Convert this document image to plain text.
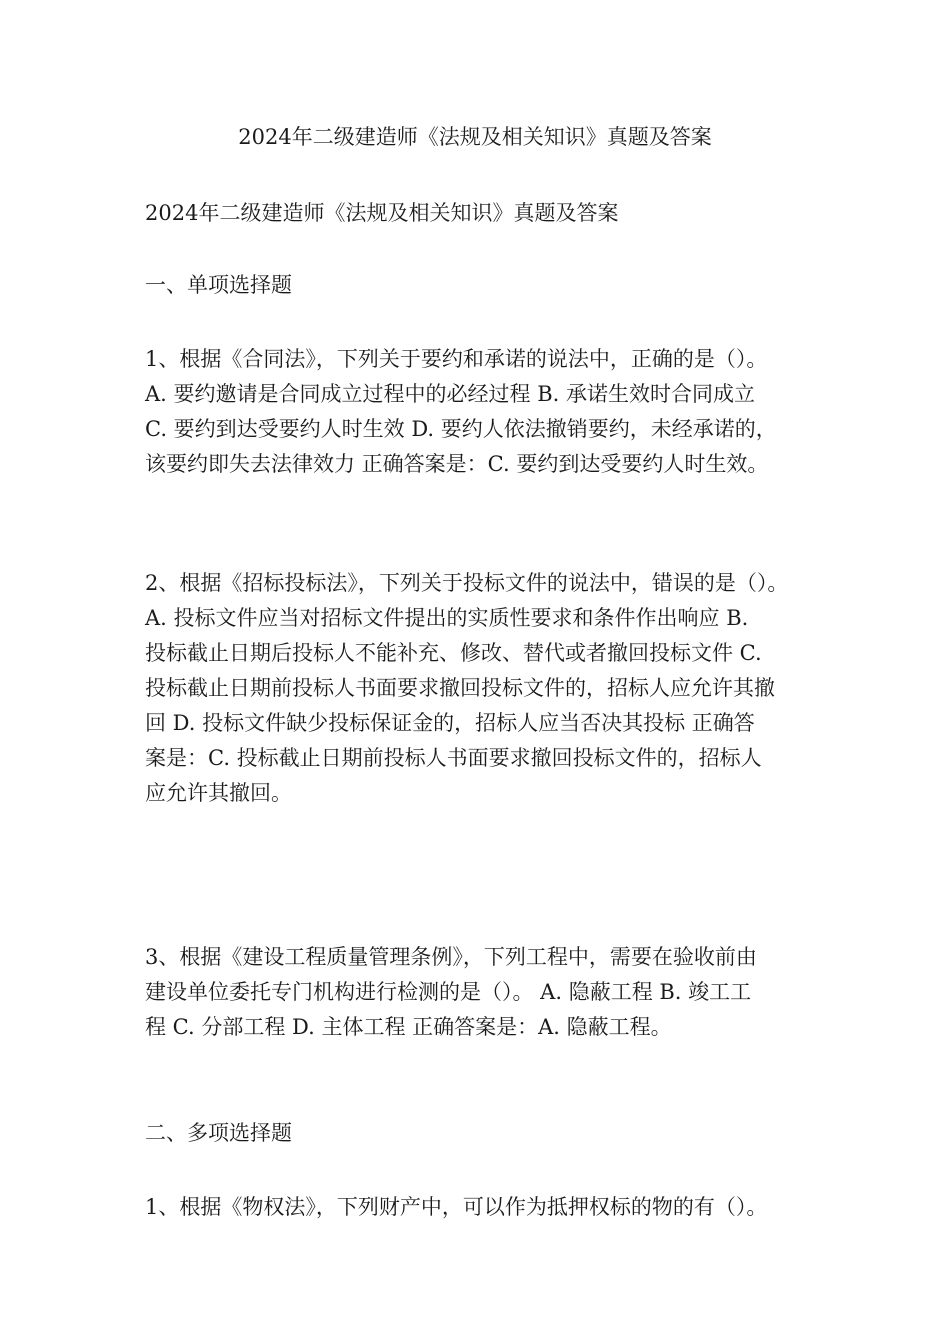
2024年二级建造师《法规及相关知识》真题及答案

2024年二级建造师《法规及相关知识》真题及答案

一、单项选择题

1、根据《合同法》，下列关于要约和承诺的说法中，正确的是（）。
A. 要约邀请是合同成立过程中的必经过程 B. 承诺生效时合同成立
C. 要约到达受要约人时生效 D. 要约人依法撤销要约，未经承诺的，
该要约即失去法律效力 正确答案是：C. 要约到达受要约人时生效。
2、根据《招标投标法》，下列关于投标文件的说法中，错误的是（）。
A. 投标文件应当对招标文件提出的实质性要求和条件作出响应 B.
投标截止日期后投标人不能补充、修改、替代或者撤回投标文件 C.
投标截止日期前投标人书面要求撤回投标文件的，招标人应允许其撤
回 D. 投标文件缺少投标保证金的，招标人应当否决其投标 正确答
案是：C. 投标截止日期前投标人书面要求撤回投标文件的，招标人
应允许其撤回。
3、根据《建设工程质量管理条例》，下列工程中，需要在验收前由
建设单位委托专门机构进行检测的是（）。 A. 隐蔽工程 B. 竣工工
程 C. 分部工程 D. 主体工程 正确答案是：A. 隐蔽工程。

二、多项选择题

1、根据《物权法》，下列财产中，可以作为抵押权标的物的有（）。
